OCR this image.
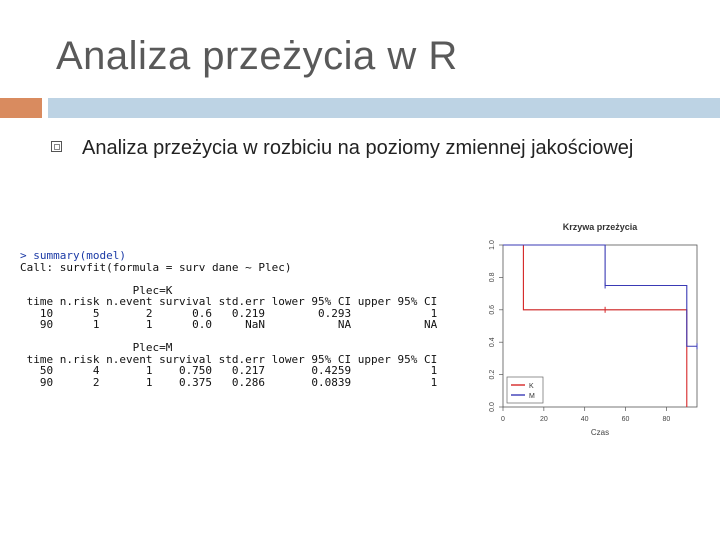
Analiza przeżycia w R
Analiza przeżycia w rozbiciu na poziomy zmiennej jakościowej
> summary(model)
Call: survfit(formula = surv dane ~ Plec)
Plec=K
time n.risk n.event survival std.err lower 95% CI upper 95% CI
10      5       2      0.6   0.219        0.293            1
90      1       1      0.0     NaN           NA           NA
Plec=M
time n.risk n.event survival std.err lower 95% CI upper 95% CI
50      4       1    0.750   0.217       0.4259            1
90      2       1    0.375   0.286       0.0839            1
Krzywa przeżycia
0	20	40	60	80
0.0
0.2
0.4
0.6
0.8
1.0
Czas
K
M
